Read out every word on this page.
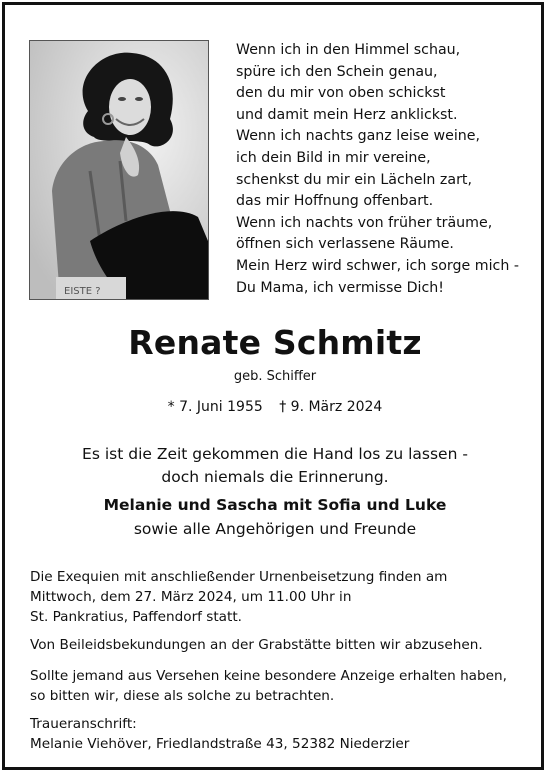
EISTE ?
Wenn ich in den Himmel schau,
spüre ich den Schein genau,
den du mir von oben schickst
und damit mein Herz anklickst.
Wenn ich nachts ganz leise weine,
ich dein Bild in mir vereine,
schenkst du mir ein Lächeln zart,
das mir Hoffnung offenbart.
Wenn ich nachts von früher träume,
öffnen sich verlassene Räume.
Mein Herz wird schwer, ich sorge mich -
Du Mama, ich vermisse Dich!
Renate Schmitz
geb. Schiffer
* 7. Juni 1955 † 9. März 2024
Es ist die Zeit gekommen die Hand los zu lassen -
doch niemals die Erinnerung.
Melanie und Sascha mit Sofia und Luke
sowie alle Angehörigen und Freunde
Die Exequien mit anschließender Urnenbeisetzung finden am
Mittwoch, dem 27. März 2024, um 11.00 Uhr in
St. Pankratius, Paffendorf statt.
Von Beileidsbekundungen an der Grabstätte bitten wir abzusehen.
Sollte jemand aus Versehen keine besondere Anzeige erhalten haben,
so bitten wir, diese als solche zu betrachten.
Traueranschrift:
Melanie Viehöver, Friedlandstraße 43, 52382 Niederzier
